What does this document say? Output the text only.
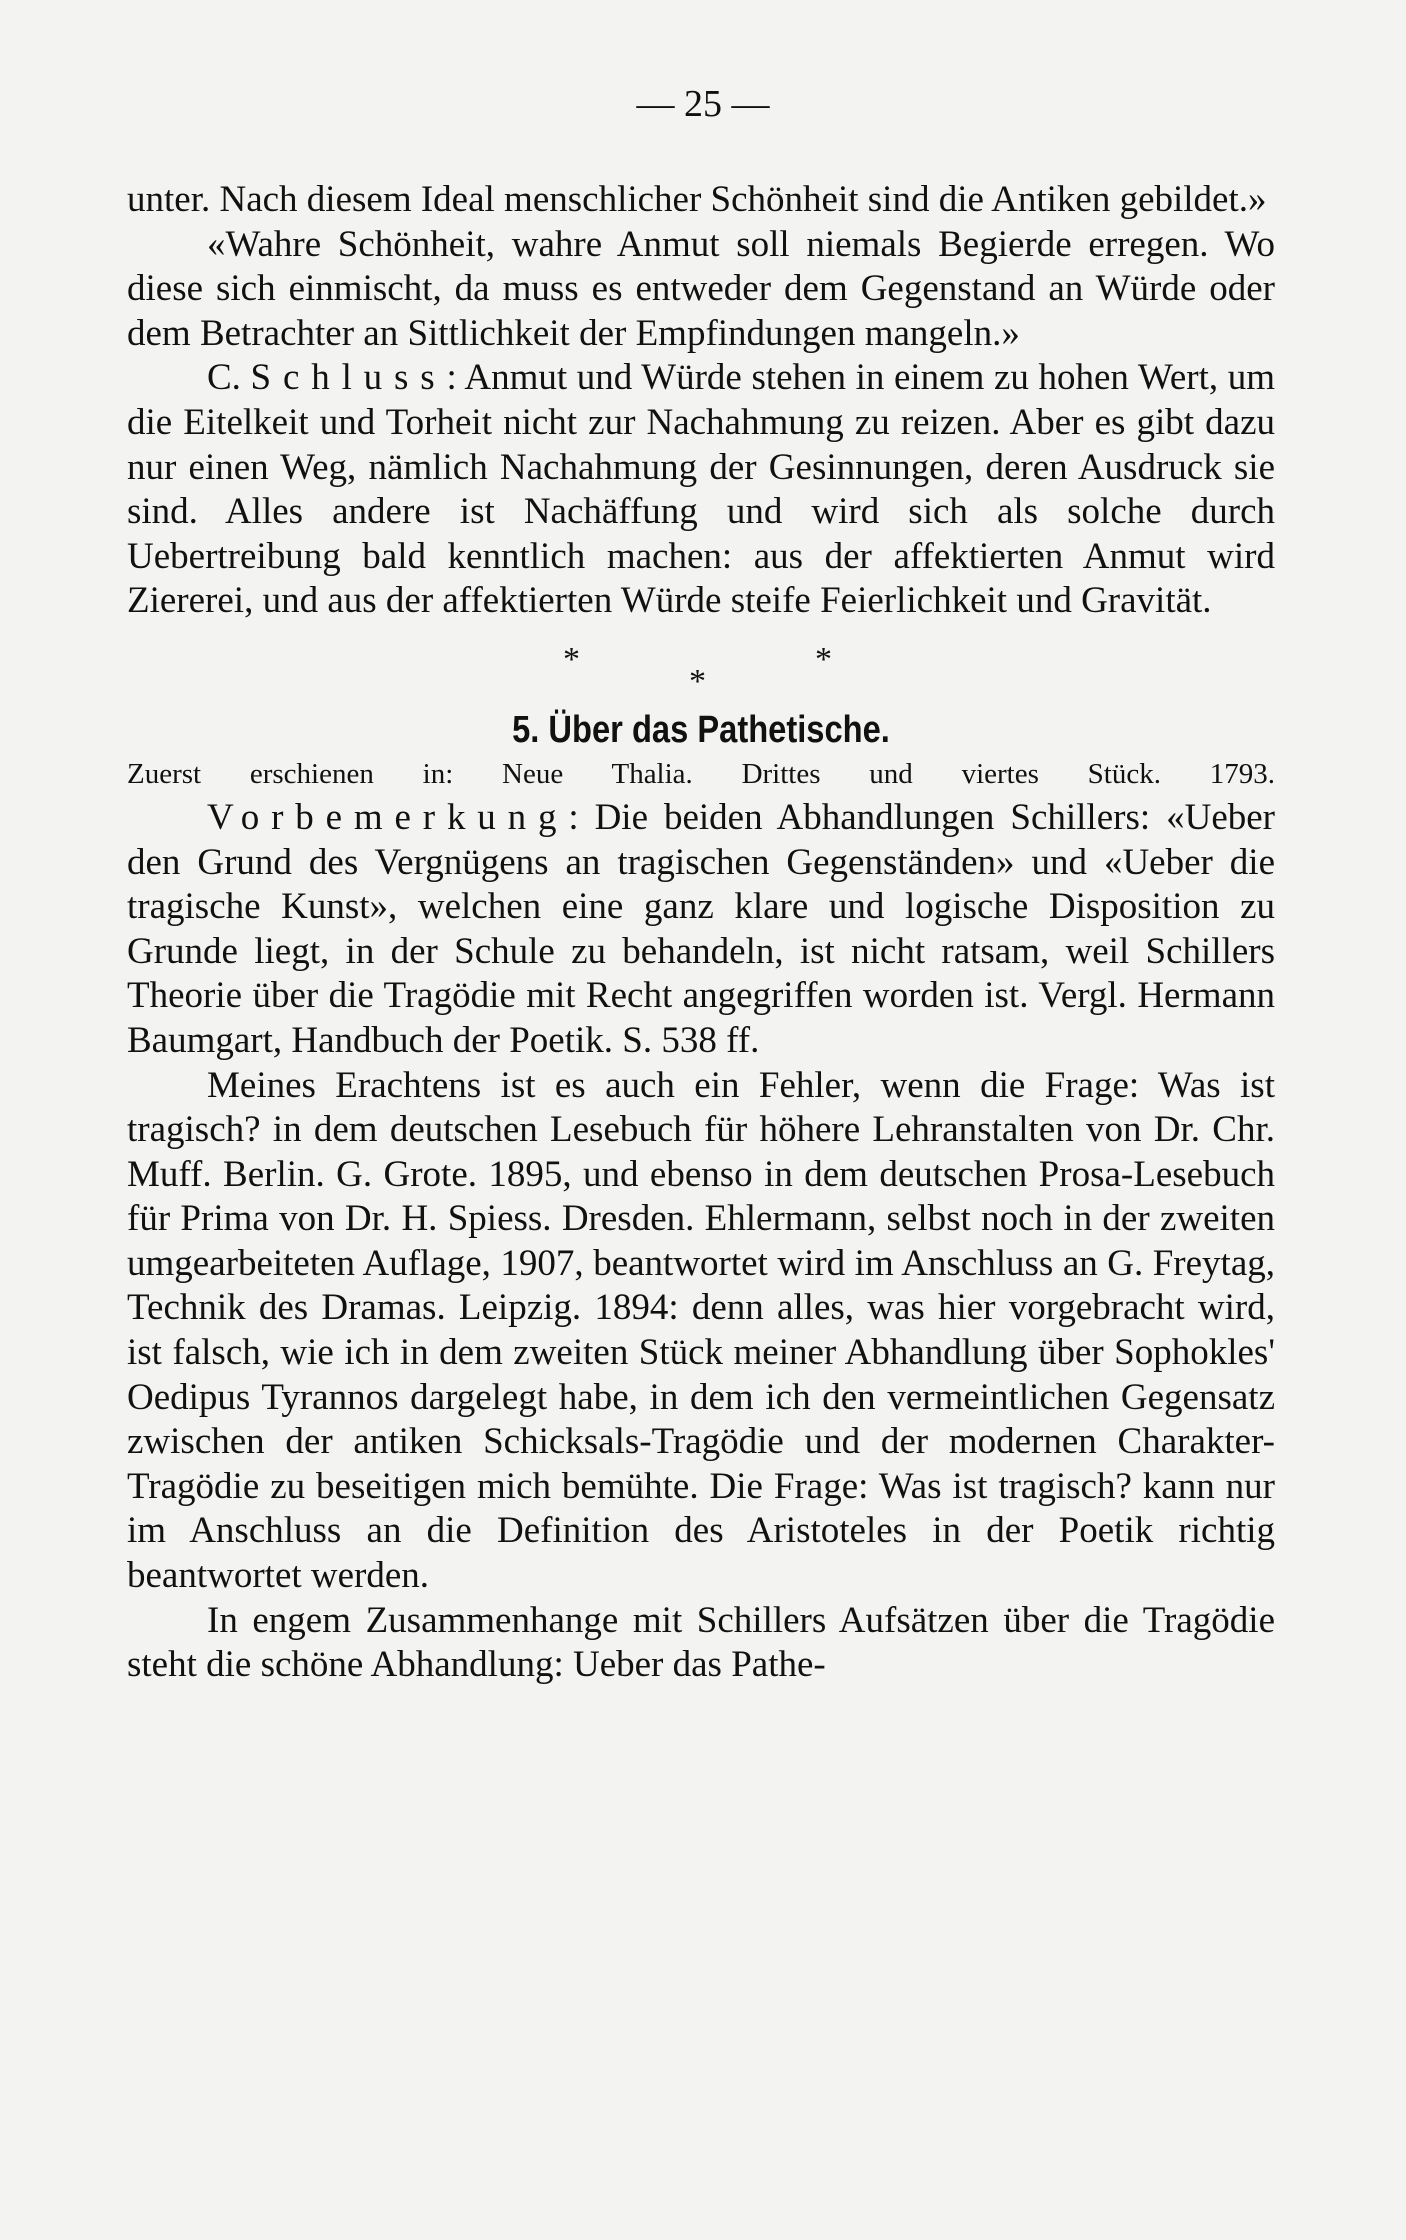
— 25 —

unter. Nach diesem Ideal menschlicher Schönheit sind die Antiken gebildet.»

«Wahre Schönheit, wahre Anmut soll niemals Begierde erregen. Wo diese sich einmischt, da muss es entweder dem Gegenstand an Würde oder dem Betrachter an Sittlichkeit der Empfindungen mangeln.»

C. Schluss: Anmut und Würde stehen in einem zu hohen Wert, um die Eitelkeit und Torheit nicht zur Nachahmung zu reizen. Aber es gibt dazu nur einen Weg, nämlich Nachahmung der Gesinnungen, deren Ausdruck sie sind. Alles andere ist Nachäffung und wird sich als solche durch Uebertreibung bald kenntlich machen: aus der affektierten Anmut wird Ziererei, und aus der affektierten Würde steife Feierlichkeit und Gravität.

*	*
*
5. Über das Pathetische.

Zuerst erschienen in: Neue Thalia. Drittes und viertes Stück. 1793.

Vorbemerkung: Die beiden Abhandlungen Schillers: «Ueber den Grund des Vergnügens an tragischen Gegenständen» und «Ueber die tragische Kunst», welchen eine ganz klare und logische Disposition zu Grunde liegt, in der Schule zu behandeln, ist nicht ratsam, weil Schillers Theorie über die Tragödie mit Recht angegriffen worden ist. Vergl. Hermann Baumgart, Handbuch der Poetik. S. 538 ff.

Meines Erachtens ist es auch ein Fehler, wenn die Frage: Was ist tragisch? in dem deutschen Lesebuch für höhere Lehranstalten von Dr. Chr. Muff. Berlin. G. Grote. 1895, und ebenso in dem deutschen Prosa-Lesebuch für Prima von Dr. H. Spiess. Dresden. Ehlermann, selbst noch in der zweiten umgearbeiteten Auflage, 1907, beantwortet wird im Anschluss an G. Freytag, Technik des Dramas. Leipzig. 1894: denn alles, was hier vorgebracht wird, ist falsch, wie ich in dem zweiten Stück meiner Abhandlung über Sophokles' Oedipus Tyrannos dargelegt habe, in dem ich den vermeintlichen Gegensatz zwischen der antiken Schicksals-Tragödie und der modernen Charakter-Tragödie zu beseitigen mich bemühte. Die Frage: Was ist tragisch? kann nur im Anschluss an die Definition des Aristoteles in der Poetik richtig beantwortet werden.

In engem Zusammenhange mit Schillers Aufsätzen über die Tragödie steht die schöne Abhandlung: Ueber das Pathe-
